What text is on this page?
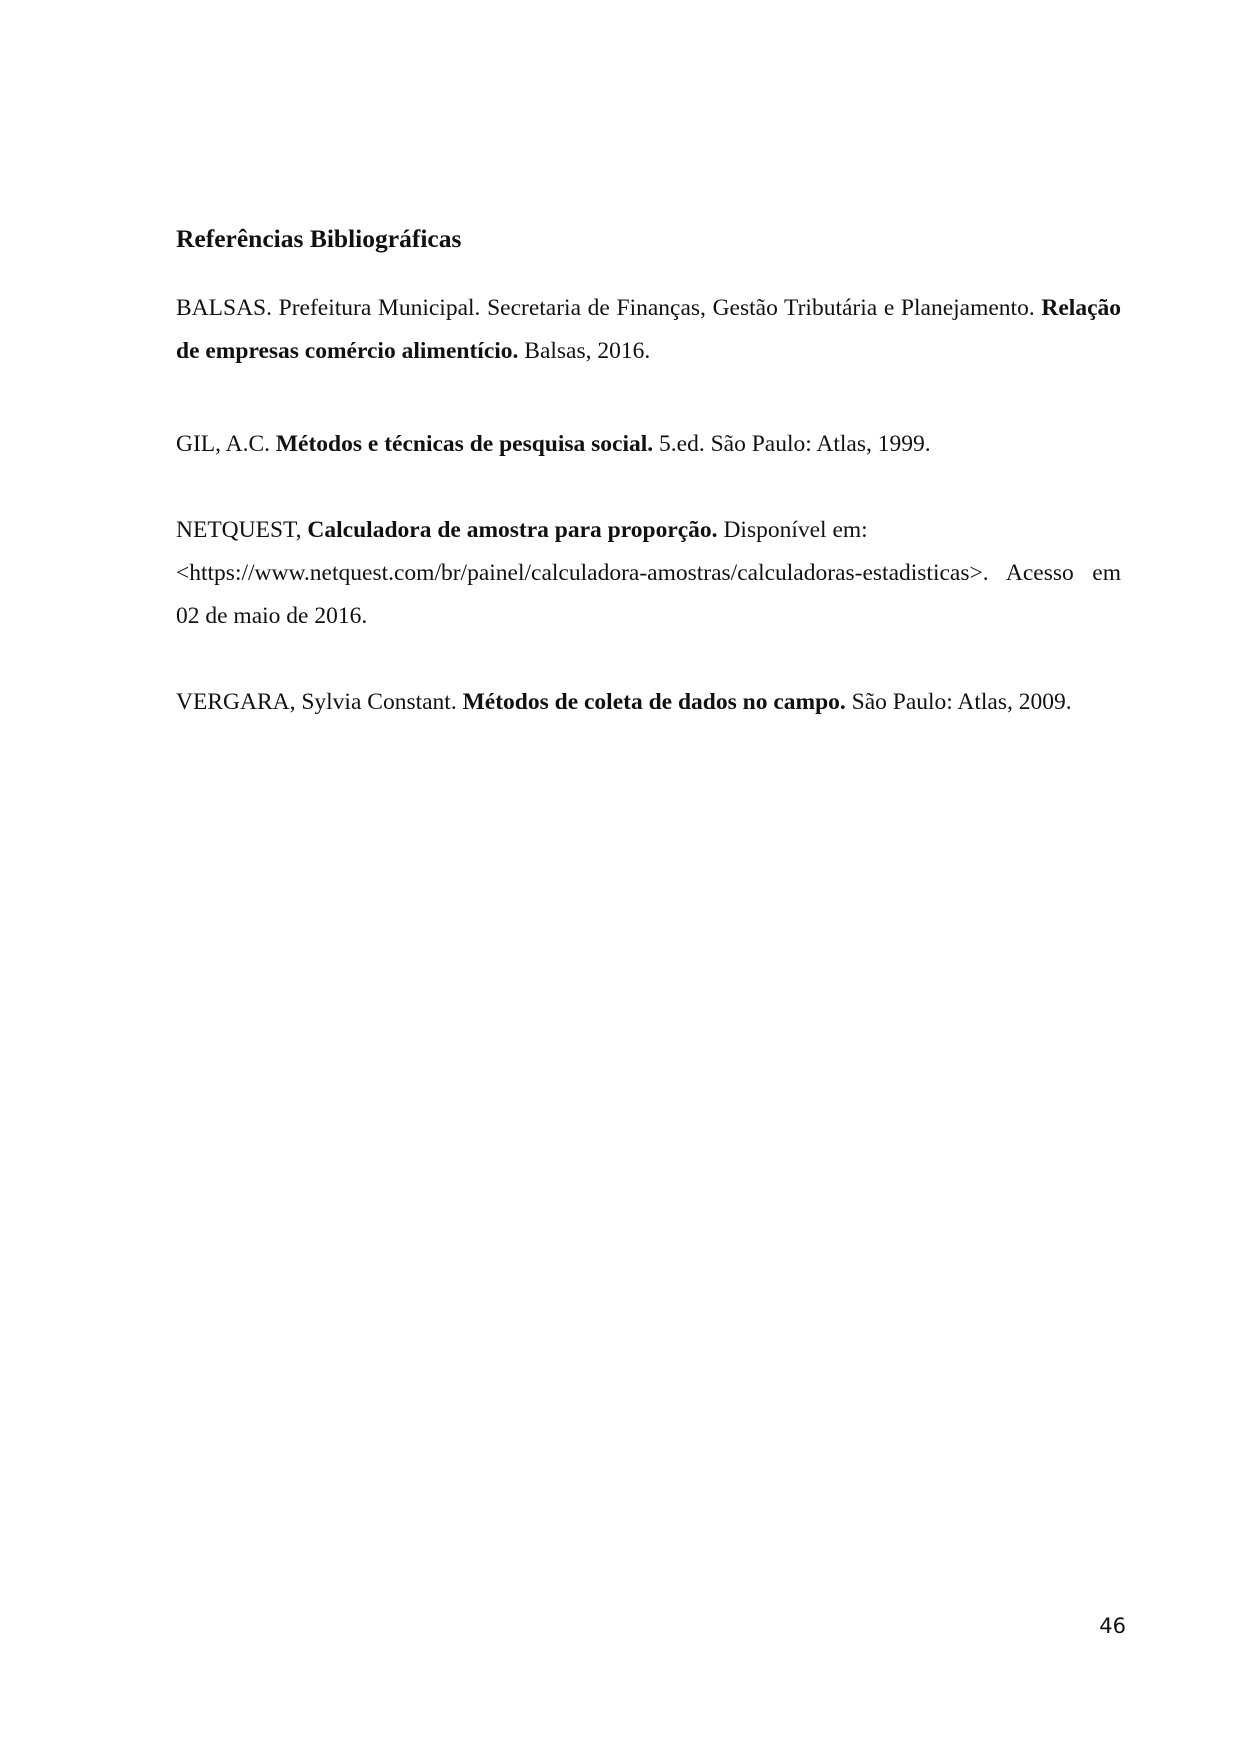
Referências Bibliográficas

BALSAS. Prefeitura Municipal. Secretaria de Finanças, Gestão Tributária e Planejamento. Relação de empresas comércio alimentício. Balsas, 2016.

GIL, A.C. Métodos e técnicas de pesquisa social. 5.ed. São Paulo: Atlas, 1999.

NETQUEST, Calculadora de amostra para proporção. Disponível em:
<https://www.netquest.com/br/painel/calculadora-amostras/calculadoras-estadisticas>. Acesso em 02 de maio de 2016.

VERGARA, Sylvia Constant. Métodos de coleta de dados no campo. São Paulo: Atlas, 2009.

46
